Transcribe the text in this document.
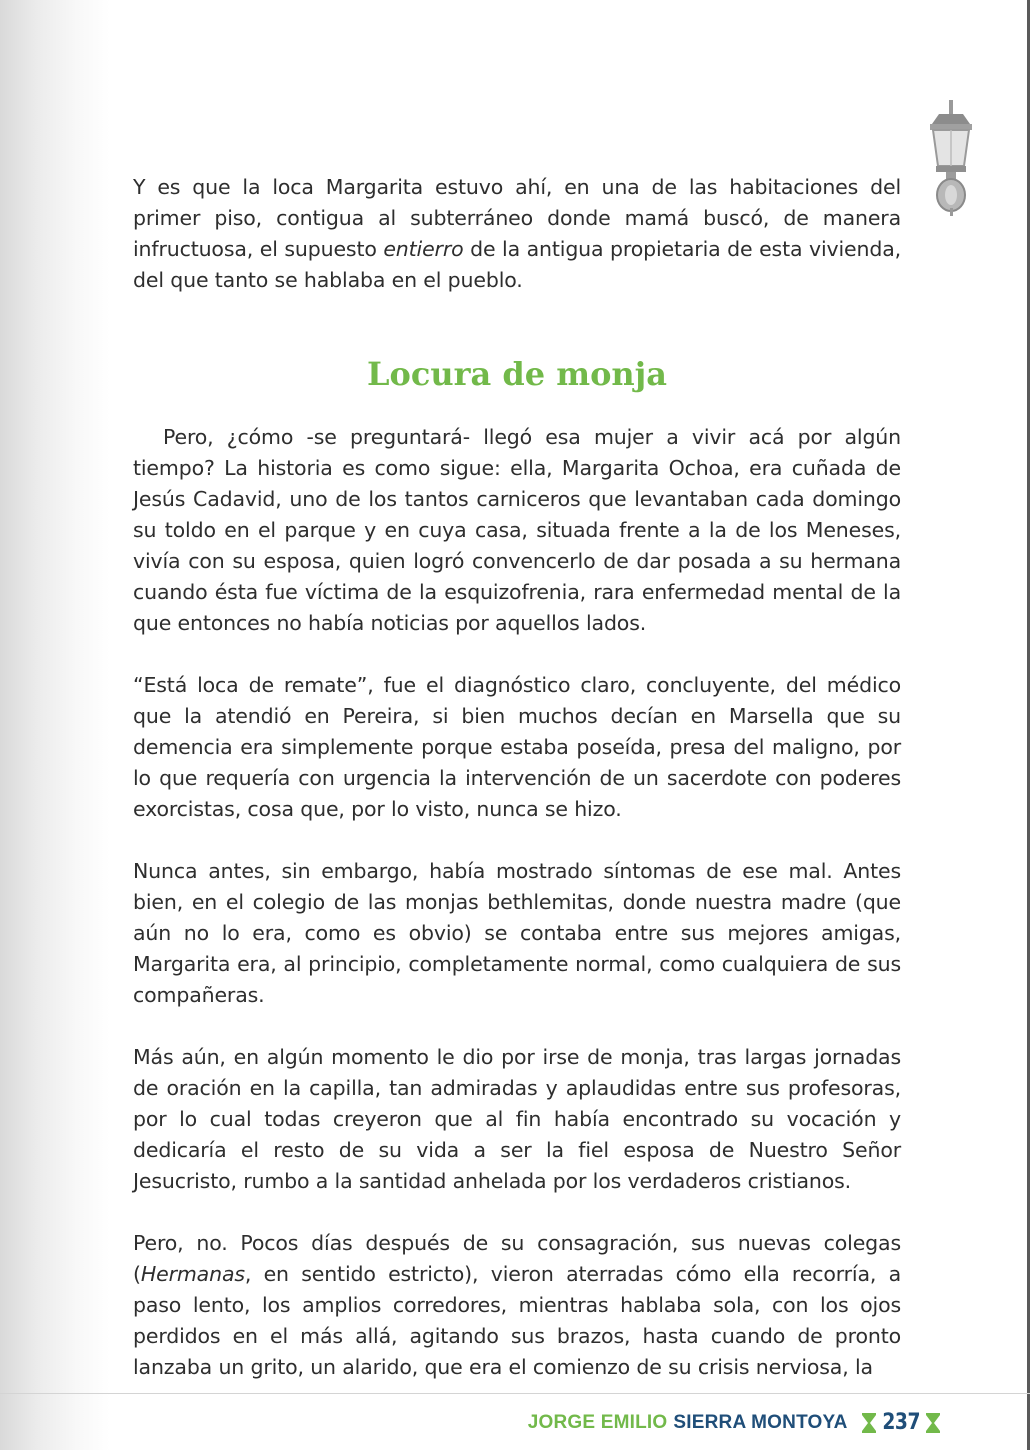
Y es que la loca Margarita estuvo ahí, en una de las habitaciones del primer piso, contigua al subterráneo donde mamá buscó, de manera infructuosa, el supuesto entierro de la antigua propietaria de esta vivienda, del que tanto se hablaba en el pueblo.

Locura de monja

Pero, ¿cómo -se preguntará- llegó esa mujer a vivir acá por algún tiempo? La historia es como sigue: ella, Margarita Ochoa, era cuñada de Jesús Cadavid, uno de los tantos carniceros que levantaban cada domingo su toldo en el parque y en cuya casa, situada frente a la de los Meneses, vivía con su esposa, quien logró convencerlo de dar posada a su hermana cuando ésta fue víctima de la esquizofrenia, rara enfermedad mental de la que entonces no había noticias por aquellos lados.

“Está loca de remate”, fue el diagnóstico claro, concluyente, del médico que la atendió en Pereira, si bien muchos decían en Marsella que su demencia era simplemente porque estaba poseída, presa del maligno, por lo que requería con urgencia la intervención de un sacerdote con poderes exorcistas, cosa que, por lo visto, nunca se hizo.

Nunca antes, sin embargo, había mostrado síntomas de ese mal. Antes bien, en el colegio de las monjas bethlemitas, donde nuestra madre (que aún no lo era, como es obvio) se contaba entre sus mejores amigas, Margarita era, al principio, completamente normal, como cualquiera de sus compañeras.

Más aún, en algún momento le dio por irse de monja, tras largas jornadas de oración en la capilla, tan admiradas y aplaudidas entre sus profesoras, por lo cual todas creyeron que al fin había encontrado su vocación y dedicaría el resto de su vida a ser la fiel esposa de Nuestro Señor Jesucristo, rumbo a la santidad anhelada por los verdaderos cristianos.

Pero, no. Pocos días después de su consagración, sus nuevas colegas (Hermanas, en sentido estricto), vieron aterradas cómo ella recorría, a paso lento, los amplios corredores, mientras hablaba sola, con los ojos perdidos en el más allá, agitando sus brazos, hasta cuando de pronto lanzaba un grito, un alarido, que era el comienzo de su crisis nerviosa, la

JORGE EMILIO SIERRA MONTOYA 237
